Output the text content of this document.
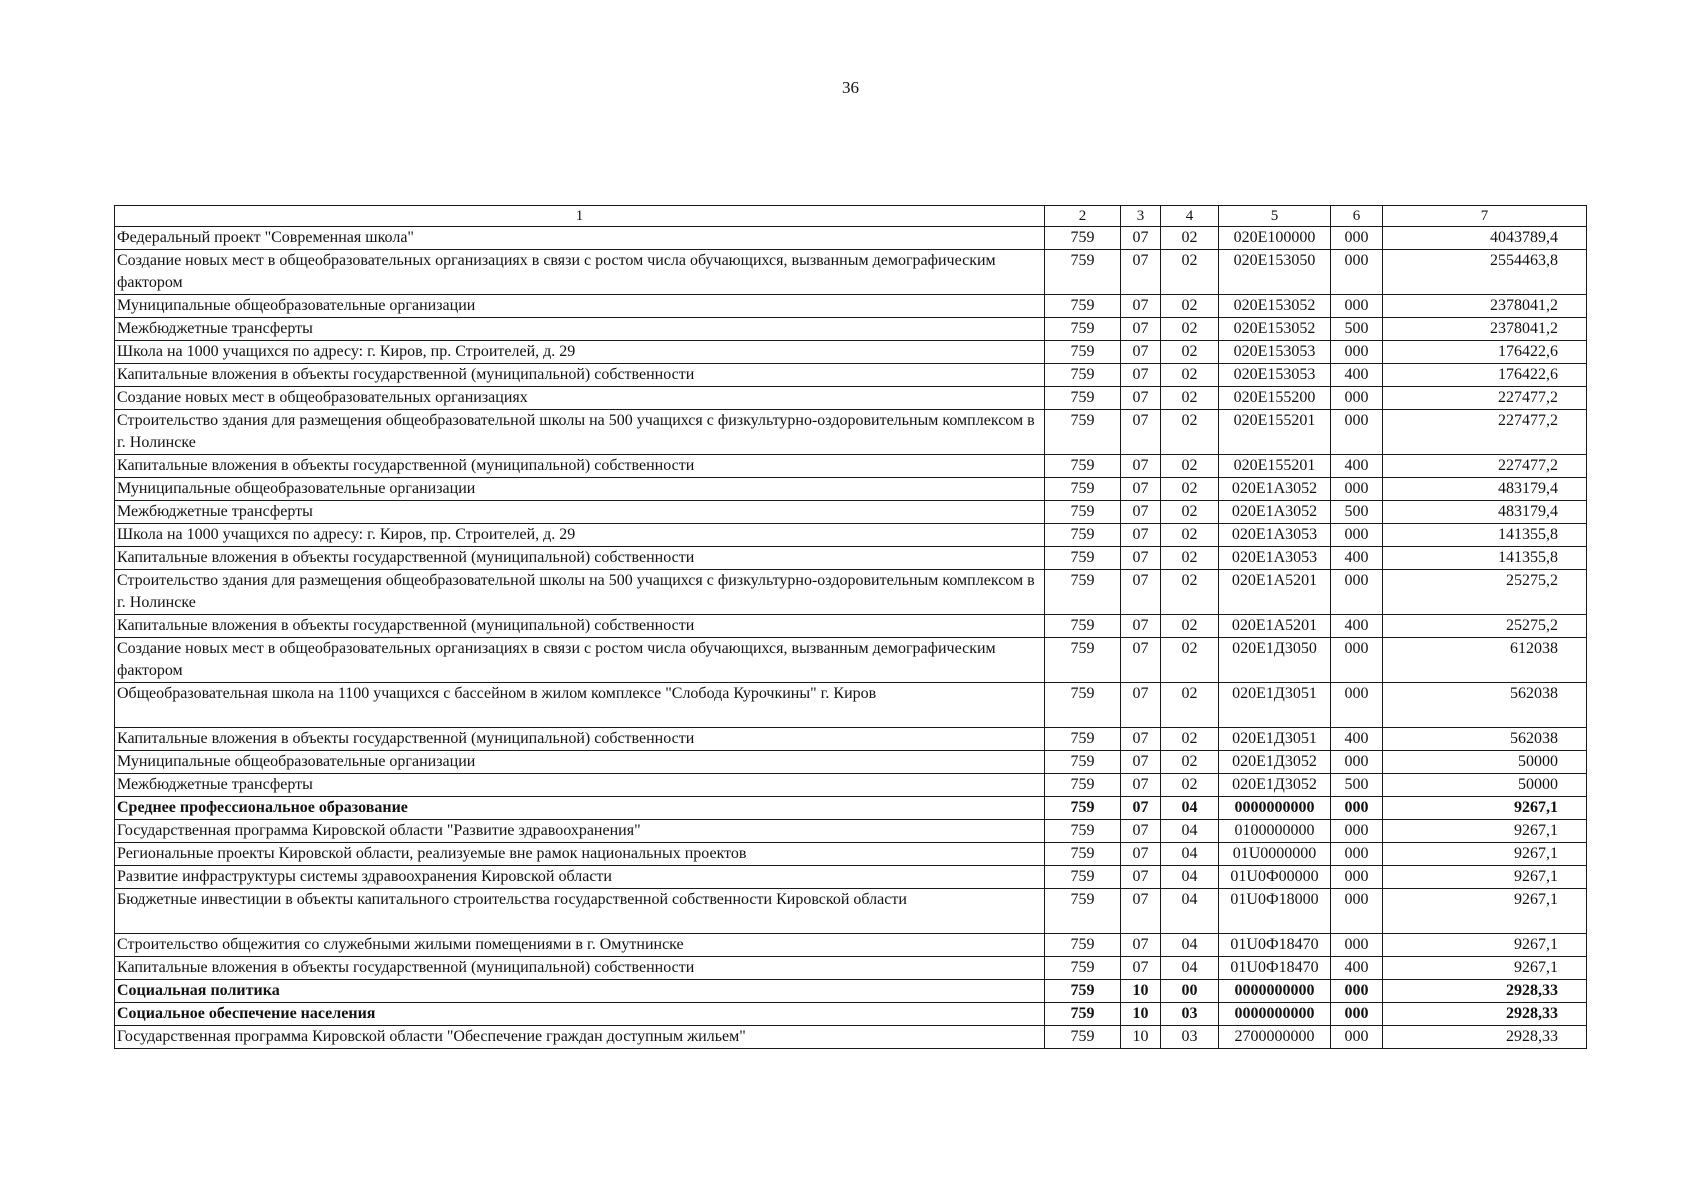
36
1	2	3	4	5	6	7
Федеральный проект "Современная школа"	759	07	02	020E100000	000	4043789,4
Создание новых мест в общеобразовательных организациях в связи с ростом числа обучающихся, вызванным демографическим фактором	759	07	02	020E153050	000	2554463,8
Муниципальные общеобразовательные организации	759	07	02	020E153052	000	2378041,2
Межбюджетные трансферты	759	07	02	020E153052	500	2378041,2
Школа на 1000 учащихся по адресу: г. Киров, пр. Строителей, д. 29	759	07	02	020E153053	000	176422,6
Капитальные вложения в объекты государственной (муниципальной) собственности	759	07	02	020E153053	400	176422,6
Создание новых мест в общеобразовательных организациях	759	07	02	020E155200	000	227477,2
Строительство здания для размещения общеобразовательной школы на 500 учащихся с физкультурно-оздоровительным комплексом в г. Нолинске	759	07	02	020E155201	000	227477,2
Капитальные вложения в объекты государственной (муниципальной) собственности	759	07	02	020E155201	400	227477,2
Муниципальные общеобразовательные организации	759	07	02	020E1A3052	000	483179,4
Межбюджетные трансферты	759	07	02	020E1A3052	500	483179,4
Школа на 1000 учащихся по адресу: г. Киров, пр. Строителей, д. 29	759	07	02	020E1A3053	000	141355,8
Капитальные вложения в объекты государственной (муниципальной) собственности	759	07	02	020E1A3053	400	141355,8
Строительство здания для размещения общеобразовательной школы на 500 учащихся с физкультурно-оздоровительным комплексом в г. Нолинске	759	07	02	020E1A5201	000	25275,2
Капитальные вложения в объекты государственной (муниципальной) собственности	759	07	02	020E1A5201	400	25275,2
Создание новых мест в общеобразовательных организациях в связи с ростом числа обучающихся, вызванным демографическим фактором	759	07	02	020E1Д3050	000	612038
Общеобразовательная школа на 1100 учащихся с бассейном в жилом комплексе "Слобода Курочкины" г. Киров	759	07	02	020E1Д3051	000	562038
Капитальные вложения в объекты государственной (муниципальной) собственности	759	07	02	020E1Д3051	400	562038
Муниципальные общеобразовательные организации	759	07	02	020E1Д3052	000	50000
Межбюджетные трансферты	759	07	02	020E1Д3052	500	50000
Среднее профессиональное образование	759	07	04	0000000000	000	9267,1
Государственная программа Кировской области "Развитие здравоохранения"	759	07	04	0100000000	000	9267,1
Региональные проекты Кировской области, реализуемые вне рамок национальных проектов	759	07	04	01U0000000	000	9267,1
Развитие инфраструктуры системы здравоохранения Кировской области	759	07	04	01U0Ф00000	000	9267,1
Бюджетные инвестиции в объекты капитального строительства государственной собственности Кировской области	759	07	04	01U0Ф18000	000	9267,1
Строительство общежития со служебными жилыми помещениями в г. Омутнинске	759	07	04	01U0Ф18470	000	9267,1
Капитальные вложения в объекты государственной (муниципальной) собственности	759	07	04	01U0Ф18470	400	9267,1
Социальная политика	759	10	00	0000000000	000	2928,33
Социальное обеспечение населения	759	10	03	0000000000	000	2928,33
Государственная программа Кировской области "Обеспечение граждан доступным жильем"	759	10	03	2700000000	000	2928,33
